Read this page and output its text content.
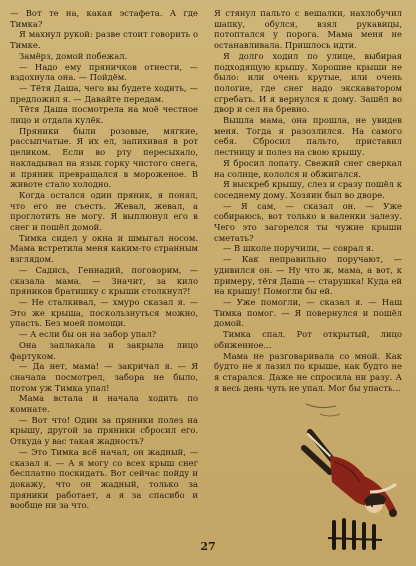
— Вот те на, какая эстафета. А где Тимка?

Я махнул рукой: разве стоит говорить о Тимке.

Замёрз, домой побежал.

— Надо ему пряничков отнести, — вздохнула она. — Пойдём.

— Тётя Даша, чего вы будете ходить, — предложил я. — Давайте передам.

Тётя Даша посмотрела на моё честное лицо и отдала кулёк.

Пряники были розовые, мягкие, рассыпчатые. Я их ел, запихивая в рот целиком. Если во рту пересыхало, накладывал на язык горку чистого снега, и пряник превращался в мороженое. В животе стало холодно.

Когда остался один пряник, я понял, что его не съесть. Жевал, жевал, а проглотить не могу. Я выплюнул его в снег и пошёл домой.

Тимка сидел у окна и шмыгал носом. Мама встретила меня каким-то странным взглядом.

— Садись, Геннадий, поговорим, — сказала мама. — Значит, за кило пряников братишку с крыши столкнул?!

— Не сталкивал, — хмуро сказал я. — Это же крыша, поскользнуться можно, упасть. Без моей помощи.

— А если бы он на забор упал?

Она заплакала и закрыла лицо фартуком.

— Да нет, мама! — закричал я. — Я сначала посмотрел, забора не было, потом уж Тимка упал!

Мама встала и начала ходить по комнате.

— Вот что! Один за пряники полез на крышу, другой за пряники сбросил его. Откуда у вас такая жадность?

— Это Тимка всё начал, он жадный, — сказал я. — А я могу со всех крыш снег бесплатно поскидать. Вот сейчас пойду и докажу, что он жадный, только за пряники работает, а я за спасибо и вообще ни за что.

Я стянул пальто с вешалки, нахлобучил шапку, обулся, взял рукавицы, потоптался у порога. Мама меня не останавливала. Пришлось идти.

Я долго ходил по улице, выбирая подходящую крышу. Хорошие крыши не было: или очень крутые, или очень пологие, где снег надо экскаватором сгребать. И я вернулся к дому. Зашёл во двор и сел на бревно.

Вышла мама, она прошла, не увидев меня. Тогда я разозлился. На самого себя. Сбросил пальто, приставил лестницу и полез на свою крышу.

Я бросил лопату. Свежий снег сверкал на солнце, кололся и обжигался.

Я выскреб крышу, слез и сразу пошёл к соседнему дому. Хозяин был во дворе.

— Я сам, — сказал он. — Уже собираюсь, вот только в валенки залезу. Чего это загорелся ты чужие крыши сметать?

— В школе поручили, — соврал я.

— Как неправильно поручают, — удивился он. — Ну что ж, мама, а вот, к примеру, тётя Даша — старушка! Куда ей на крышу! Помогли бы ей.

— Уже помогли, — сказал я. — Наш Тимка помог. — Я повернулся и пошёл домой.

Тимка спал. Рот открытый, лицо обиженное...

Мама не разговаривала со мной. Как будто не я лазил по крыше, как будто не я старался. Даже не спросила ни разу. А я весь день чуть не упал. Мог бы упасть...

27
